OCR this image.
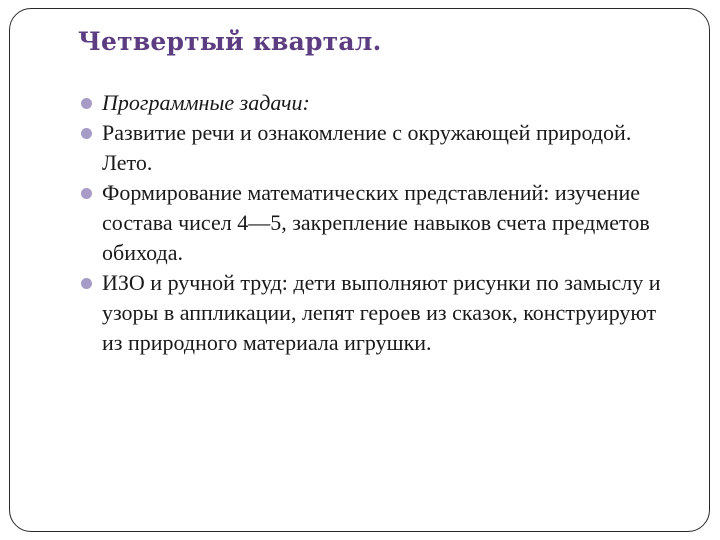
Четвертый квартал.
Программные задачи:
Развитие речи и ознакомление с окружающей природой. Лето.
Формирование математических представлений: изучение состава чисел 4—5, закрепление навыков счета предметов обихода.
ИЗО и ручной труд: дети выполняют рисунки по замыслу и узоры в аппликации, лепят героев из сказок, конструируют из природного материала игрушки.
